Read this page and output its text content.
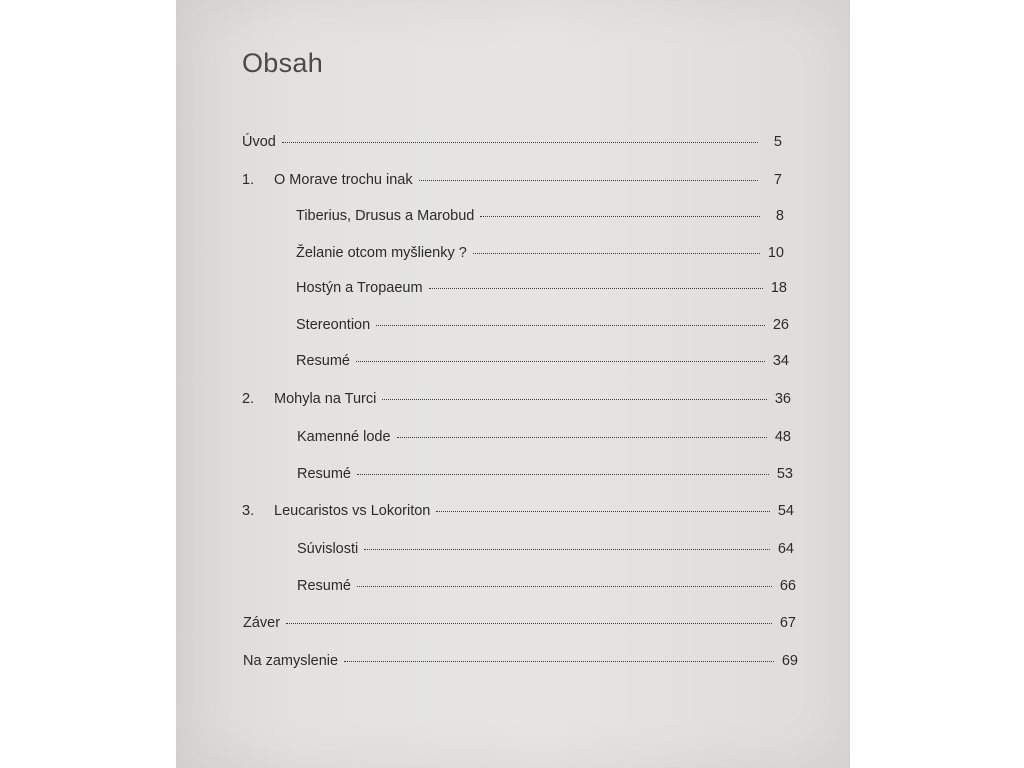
Obsah
Úvod	5
1.	O Morave trochu inak	7
Tiberius, Drusus a Marobud	8
Želanie otcom myšlienky ?	10
Hostýn a Tropaeum	18
Stereontion	26
Resumé	34
2.	Mohyla na Turci	36
Kamenné lode	48
Resumé	53
3.	Leucaristos vs Lokoriton	54
Súvislosti	64
Resumé	66
Záver	67
Na zamyslenie	69
